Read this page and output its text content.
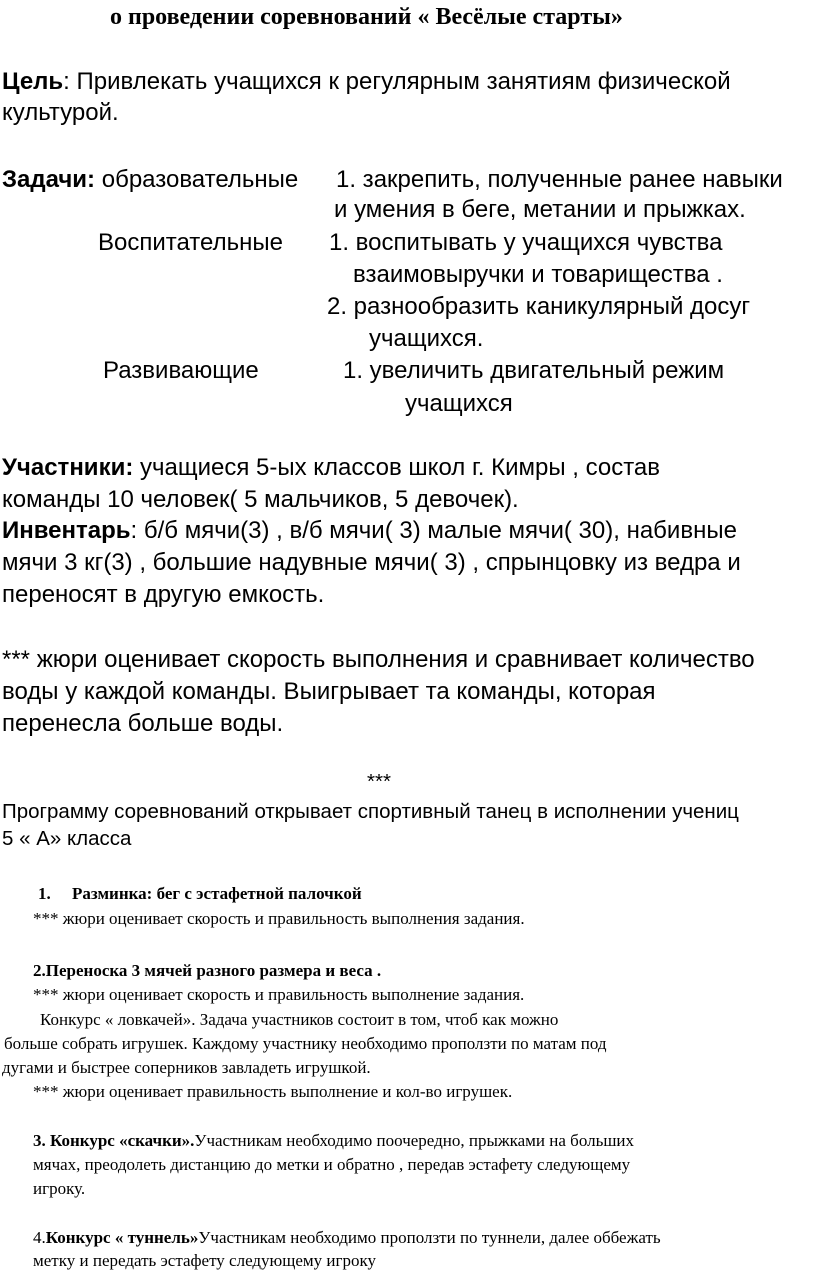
о проведении соревнований « Весёлые старты»
Цель: Привлекать учащихся к регулярным занятиям физической
культурой.
Задачи: образовательные 1. закрепить, полученные ранее навыки
и умения в беге, метании и прыжках.
Воспитательные 1. воспитывать у учащихся чувства
взаимовыручки и товарищества .
2. разнообразить каникулярный досуг
учащихся.
Развивающие	1. увеличить двигательный режим
учащихся
Участники: учащиеся 5-ых классов школ г. Кимры , состав
команды 10 человек( 5 мальчиков, 5 девочек).
Инвентарь: б/б мячи(3) , в/б мячи( 3) малые мячи( 30), набивные
мячи 3 кг(3) , большие надувные мячи( 3) , спрынцовку из ведра и
переносят в другую емкость.
*** жюри оценивает скорость выполнения и сравнивает количество
воды у каждой команды. Выигрывает та команды, которая
перенесла больше воды.
***
Программу соревнований открывает спортивный танец в исполнении учениц
5 « А» класса
1. Разминка: бег с эстафетной палочкой
*** жюри оценивает скорость и правильность выполнения задания.
2.Переноска 3 мячей разного размера и веса .
*** жюри оценивает скорость и правильность выполнение задания.
Конкурс « ловкачей». Задача участников состоит в том, чтоб как можно
больше собрать игрушек. Каждому участнику необходимо проползти по матам под
дугами и быстрее соперников завладеть игрушкой.
*** жюри оценивает правильность выполнение и кол-во игрушек.
3. Конкурс «скачки».Участникам необходимо поочередно, прыжками на больших
мячах, преодолеть дистанцию до метки и обратно , передав эстафету следующему
игроку.
4.Конкурс « туннель»Участникам необходимо проползти по туннели, далее оббежать
метку и передать эстафету следующему игроку
